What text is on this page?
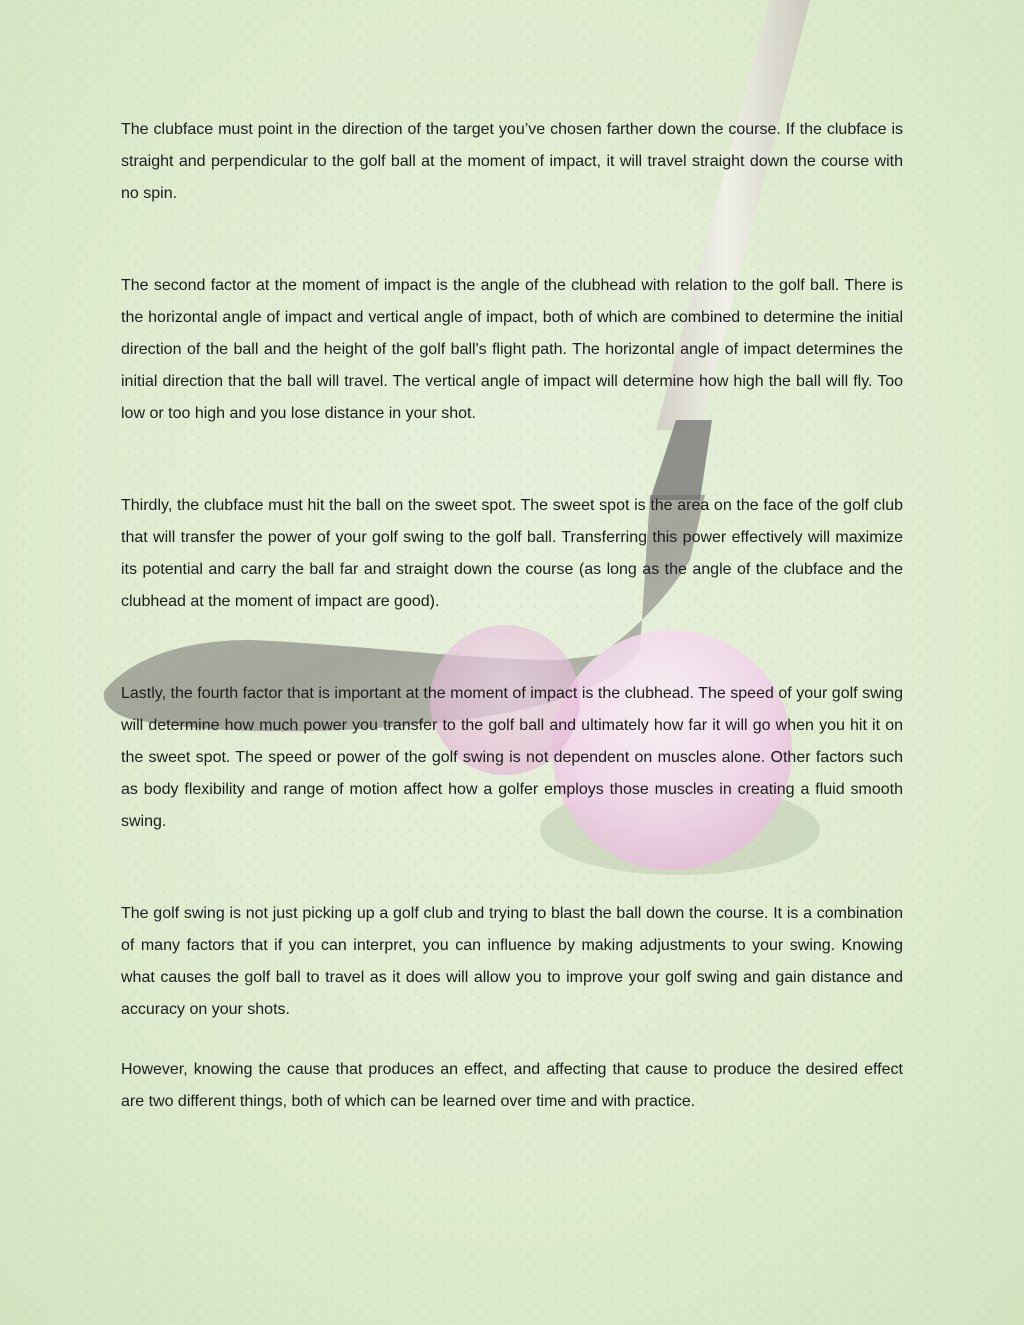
The clubface must point in the direction of the target you’ve chosen farther down the course. If the clubface is straight and perpendicular to the golf ball at the moment of impact, it will travel straight down the course with no spin.

The second factor at the moment of impact is the angle of the clubhead with relation to the golf ball. There is the horizontal angle of impact and vertical angle of impact, both of which are combined to determine the initial direction of the ball and the height of the golf ball's flight path. The horizontal angle of impact determines the initial direction that the ball will travel. The vertical angle of impact will determine how high the ball will fly. Too low or too high and you lose distance in your shot.

Thirdly, the clubface must hit the ball on the sweet spot. The sweet spot is the area on the face of the golf club that will transfer the power of your golf swing to the golf ball. Transferring this power effectively will maximize its potential and carry the ball far and straight down the course (as long as the angle of the clubface and the clubhead at the moment of impact are good).

Lastly, the fourth factor that is important at the moment of impact is the clubhead. The speed of your golf swing will determine how much power you transfer to the golf ball and ultimately how far it will go when you hit it on the sweet spot. The speed or power of the golf swing is not dependent on muscles alone. Other factors such as body flexibility and range of motion affect how a golfer employs those muscles in creating a fluid smooth swing.

The golf swing is not just picking up a golf club and trying to blast the ball down the course. It is a combination of many factors that if you can interpret, you can influence by making adjustments to your swing. Knowing what causes the golf ball to travel as it does will allow you to improve your golf swing and gain distance and accuracy on your shots.

However, knowing the cause that produces an effect, and affecting that cause to produce the desired effect are two different things, both of which can be learned over time and with practice.
